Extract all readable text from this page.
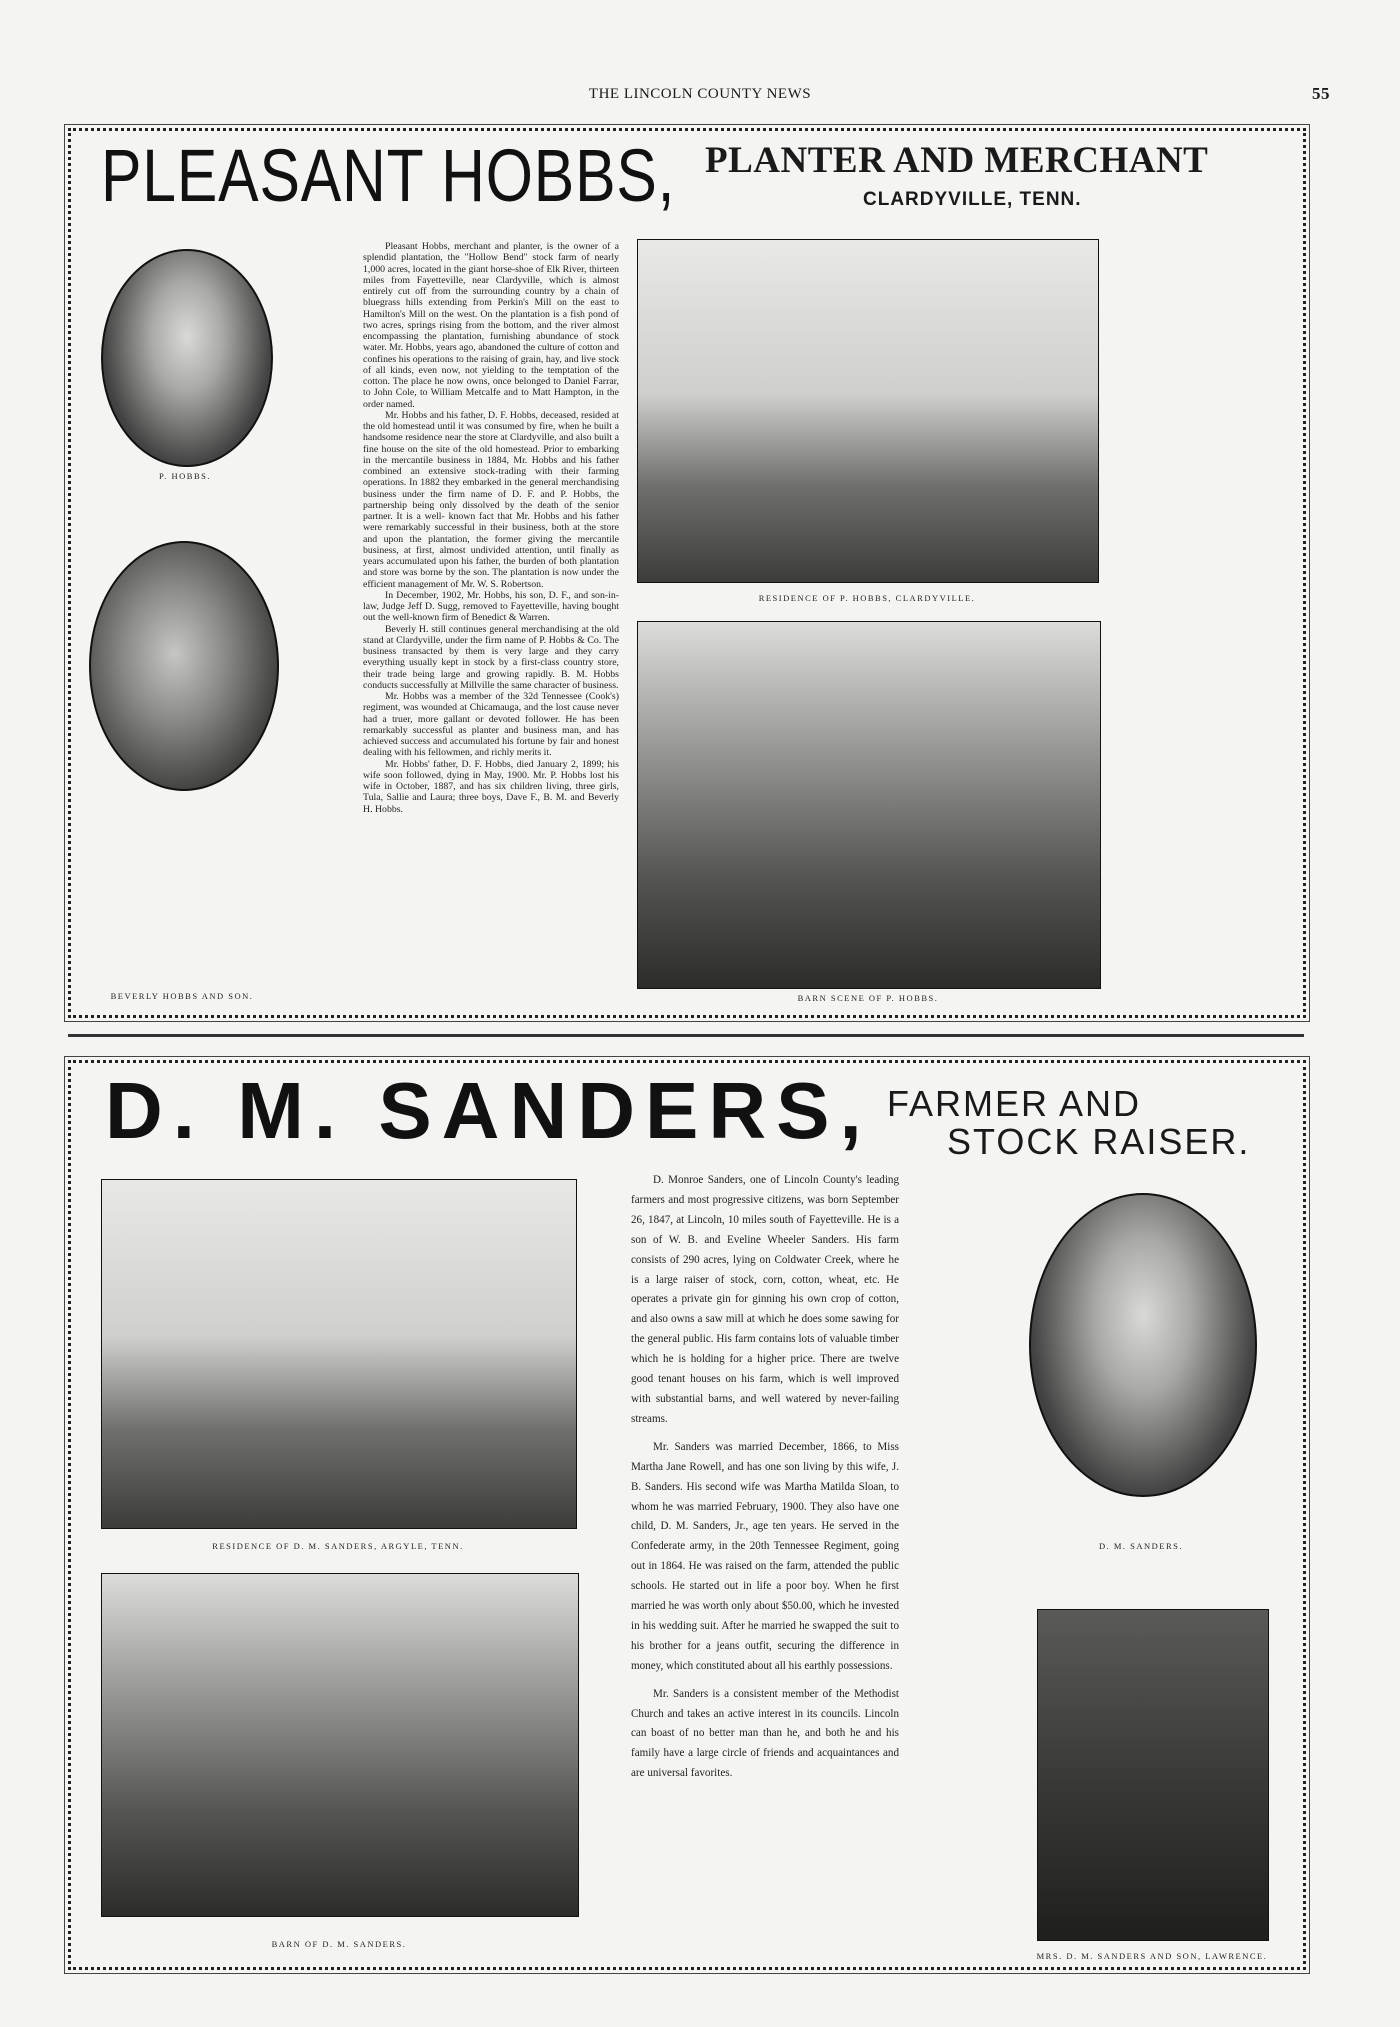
THE LINCOLN COUNTY NEWS	55
PLEASANT HOBBS, PLANTER AND MERCHANT
CLARDYVILLE, TENN.
P. HOBBS.
BEVERLY HOBBS AND SON.

Pleasant Hobbs, merchant and planter, is the owner of a splendid plantation, the "Hollow Bend" stock farm of nearly 1,000 acres, located in the giant horse-shoe of Elk River, thirteen miles from Fayetteville, near Clardyville, which is almost entirely cut off from the surrounding country by a chain of bluegrass hills extending from Perkin's Mill on the east to Hamilton's Mill on the west. On the plantation is a fish pond of two acres, springs rising from the bottom, and the river almost encompassing the plantation, furnishing abundance of stock water. Mr. Hobbs, years ago, abandoned the culture of cotton and confines his operations to the raising of grain, hay, and live stock of all kinds, even now, not yielding to the temptation of the cotton. The place he now owns, once belonged to Daniel Farrar, to John Cole, to William Metcalfe and to Matt Hampton, in the order named.

Mr. Hobbs and his father, D. F. Hobbs, deceased, resided at the old homestead until it was consumed by fire, when he built a handsome residence near the store at Clardyville, and also built a fine house on the site of the old homestead. Prior to embarking in the mercantile business in 1884, Mr. Hobbs and his father combined an extensive stock-trading with their farming operations. In 1882 they embarked in the general merchandising business under the firm name of D. F. and P. Hobbs, the partnership being only dissolved by the death of the senior partner. It is a well- known fact that Mr. Hobbs and his father were remarkably successful in their business, both at the store and upon the plantation, the former giving the mercantile business, at first, almost undivided attention, until finally as years accumulated upon his father, the burden of both plantation and store was borne by the son. The plantation is now under the efficient management of Mr. W. S. Robertson.

In December, 1902, Mr. Hobbs, his son, D. F., and son-in-law, Judge Jeff D. Sugg, removed to Fayetteville, having bought out the well-known firm of Benedict & Warren.

Beverly H. still continues general merchandising at the old stand at Clardyville, under the firm name of P. Hobbs & Co. The business transacted by them is very large and they carry everything usually kept in stock by a first-class country store, their trade being large and growing rapidly. B. M. Hobbs conducts successfully at Millville the same character of business.

Mr. Hobbs was a member of the 32d Tennessee (Cook's) regiment, was wounded at Chicamauga, and the lost cause never had a truer, more gallant or devoted follower. He has been remarkably successful as planter and business man, and has achieved success and accumulated his fortune by fair and honest dealing with his fellowmen, and richly merits it.

Mr. Hobbs' father, D. F. Hobbs, died January 2, 1899; his wife soon followed, dying in May, 1900. Mr. P. Hobbs lost his wife in October, 1887, and has six children living, three girls, Tula, Sallie and Laura; three boys, Dave F., B. M. and Beverly H. Hobbs.

RESIDENCE OF P. HOBBS, CLARDYVILLE.
BARN SCENE OF P. HOBBS.
D. M. SANDERS, FARMER AND
STOCK RAISER.
RESIDENCE OF D. M. SANDERS, ARGYLE, TENN.
BARN OF D. M. SANDERS.

D. Monroe Sanders, one of Lincoln County's leading farmers and most progressive citizens, was born September 26, 1847, at Lincoln, 10 miles south of Fayetteville. He is a son of W. B. and Eveline Wheeler Sanders. His farm consists of 290 acres, lying on Coldwater Creek, where he is a large raiser of stock, corn, cotton, wheat, etc. He operates a private gin for ginning his own crop of cotton, and also owns a saw mill at which he does some sawing for the general public. His farm contains lots of valuable timber which he is holding for a higher price. There are twelve good tenant houses on his farm, which is well improved with substantial barns, and well watered by never-failing streams.

Mr. Sanders was married December, 1866, to Miss Martha Jane Rowell, and has one son living by this wife, J. B. Sanders. His second wife was Martha Matilda Sloan, to whom he was married February, 1900. They also have one child, D. M. Sanders, Jr., age ten years. He served in the Confederate army, in the 20th Tennessee Regiment, going out in 1864. He was raised on the farm, attended the public schools. He started out in life a poor boy. When he first married he was worth only about $50.00, which he invested in his wedding suit. After he married he swapped the suit to his brother for a jeans outfit, securing the difference in money, which constituted about all his earthly possessions.

Mr. Sanders is a consistent member of the Methodist Church and takes an active interest in its councils. Lincoln can boast of no better man than he, and both he and his family have a large circle of friends and acquaintances and are universal favorites.

D. M. SANDERS.
MRS. D. M. SANDERS AND SON, LAWRENCE.
